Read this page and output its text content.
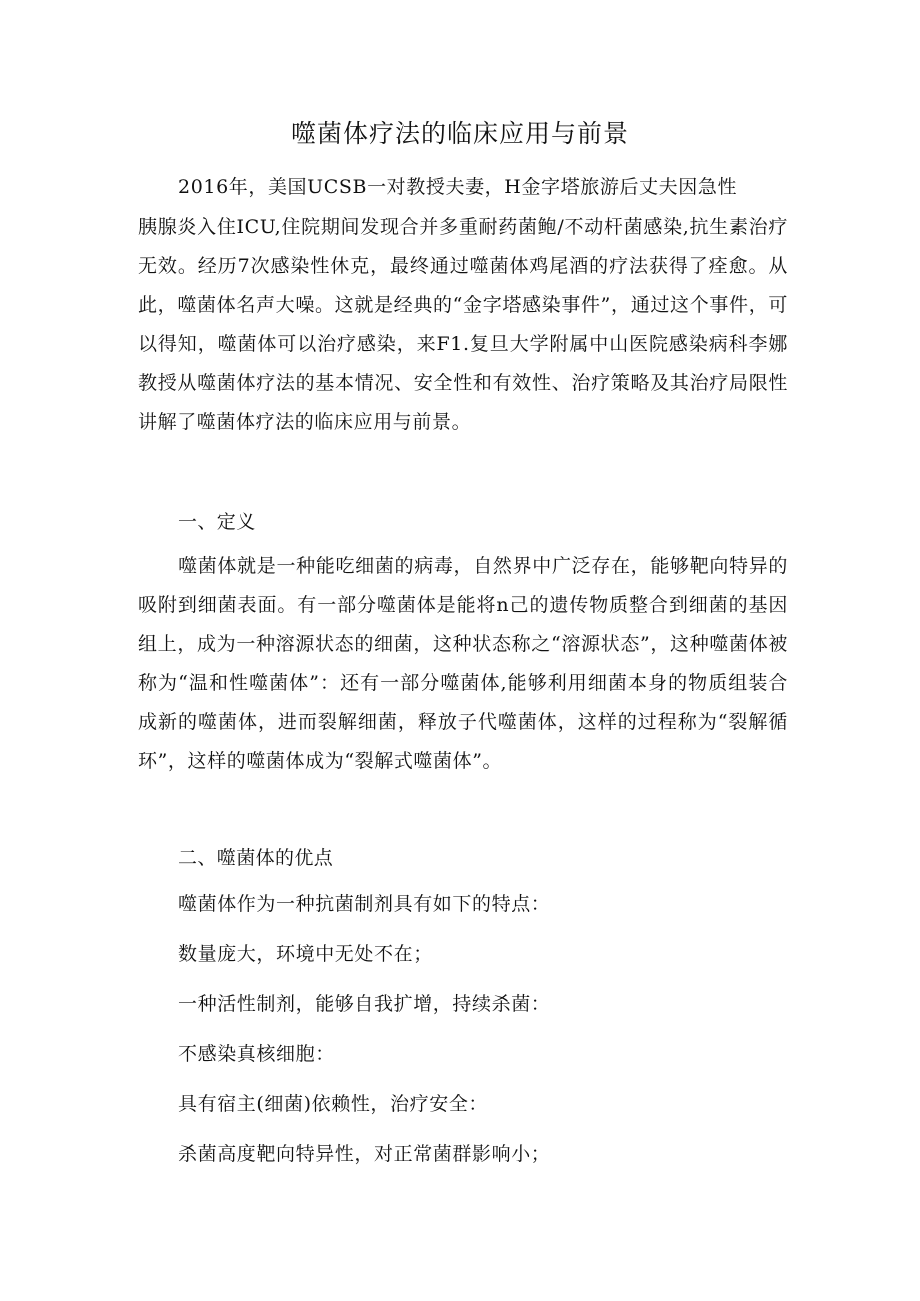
噬菌体疗法的临床应用与前景
2016年，美国UCSB一对教授夫妻，H金字塔旅游后丈夫因急性
胰腺炎入住ICU,住院期间发现合并多重耐药菌鲍/不动杆菌感染,抗生素治疗无效。经历7次感染性休克，最终通过噬菌体鸡尾酒的疗法获得了痊愈。从此，噬菌体名声大噪。这就是经典的“金字塔感染事件”，通过这个事件，可以得知，噬菌体可以治疗感染，来F1.复旦大学附属中山医院感染病科李娜教授从噬菌体疗法的基本情况、安全性和有效性、治疗策略及其治疗局限性讲解了噬菌体疗法的临床应用与前景。
一、定义
噬菌体就是一种能吃细菌的病毒，自然界中广泛存在，能够靶向特异的吸附到细菌表面。有一部分噬菌体是能将n己的遗传物质整合到细菌的基因组上，成为一种溶源状态的细菌，这种状态称之“溶源状态”，这种噬菌体被称为“温和性噬菌体”：还有一部分噬菌体,能够利用细菌本身的物质组装合成新的噬菌体，进而裂解细菌，释放子代噬菌体，这样的过程称为“裂解循环”，这样的噬菌体成为“裂解式噬菌体”。
二、噬菌体的优点
噬菌体作为一种抗菌制剂具有如下的特点：
数量庞大，环境中无处不在；
一种活性制剂，能够自我扩增，持续杀菌：
不感染真核细胞：
具有宿主(细菌)依赖性，治疗安全：
杀菌高度靶向特异性，对正常菌群影响小；
